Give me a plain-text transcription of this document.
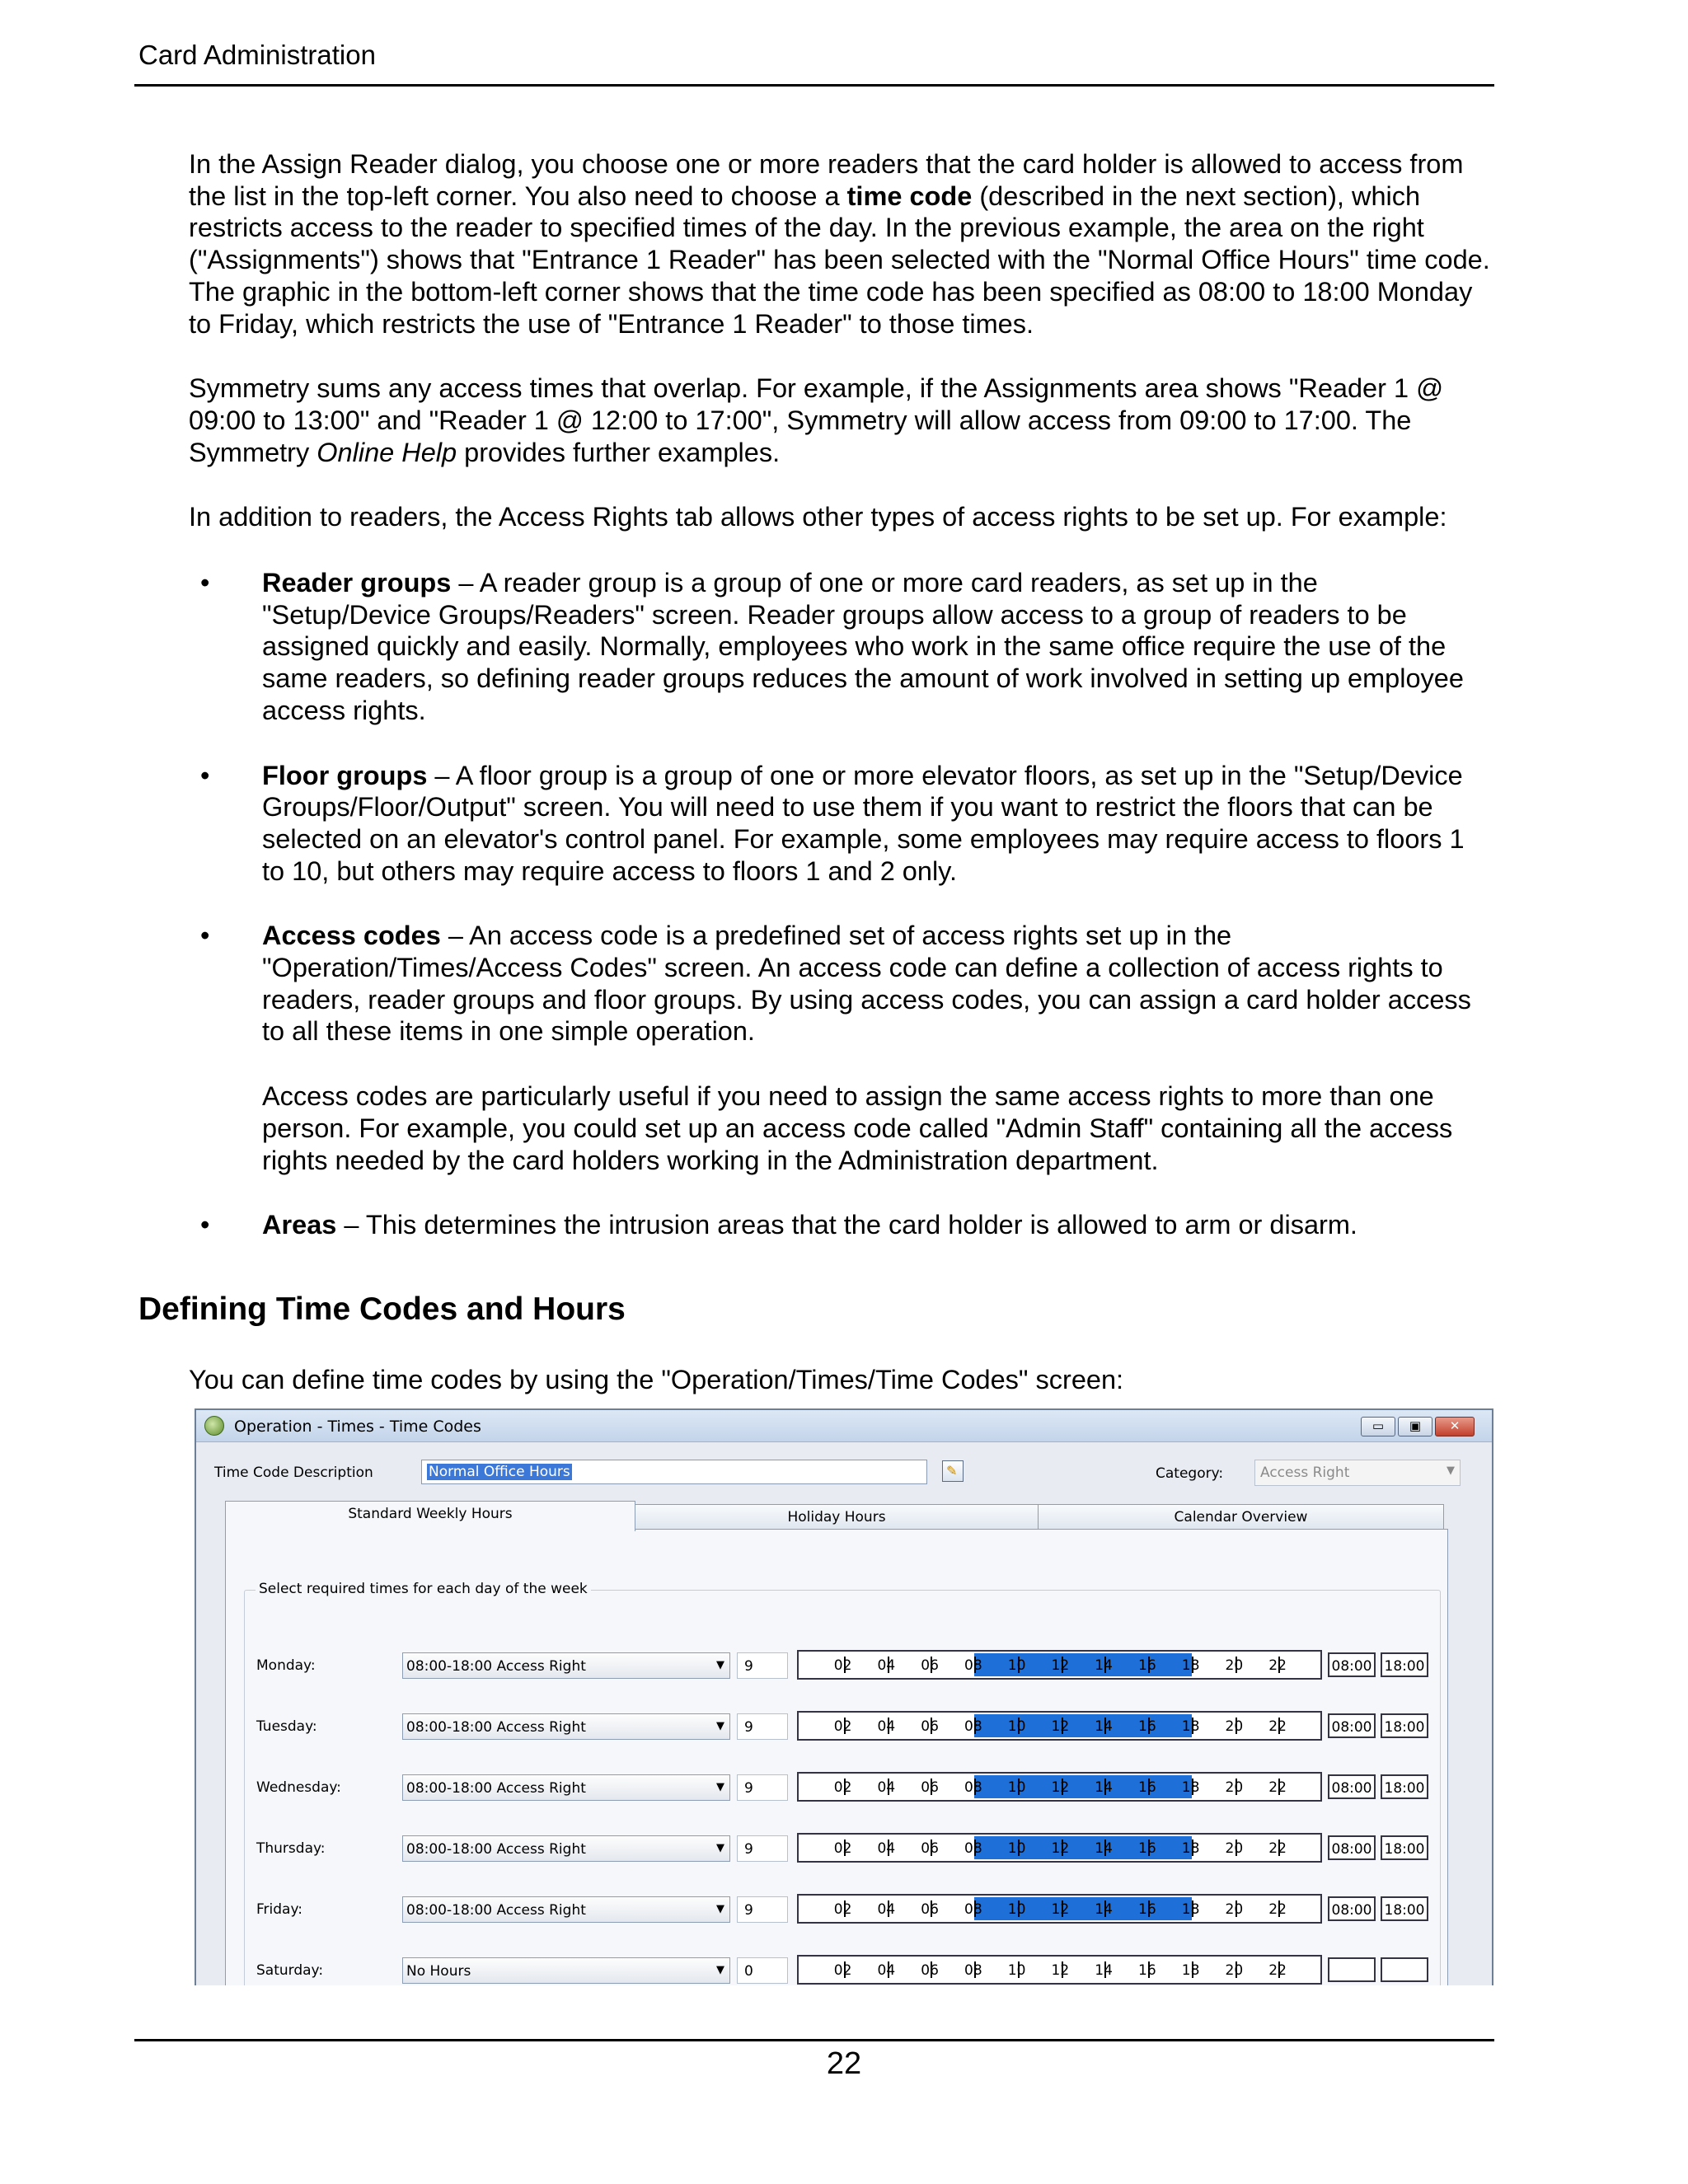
Card Administration

In the Assign Reader dialog, you choose one or more readers that the card holder is allowed to access from the list in the top-left corner. You also need to choose a time code (described in the next section), which restricts access to the reader to specified times of the day. In the previous example, the area on the right ("Assignments") shows that "Entrance 1 Reader" has been selected with the "Normal Office Hours" time code. The graphic in the bottom-left corner shows that the time code has been specified as 08:00 to 18:00 Monday to Friday, which restricts the use of "Entrance 1 Reader" to those times.

Symmetry sums any access times that overlap. For example, if the Assignments area shows "Reader 1 @ 09:00 to 13:00" and "Reader 1 @ 12:00 to 17:00", Symmetry will allow access from 09:00 to 17:00. The Symmetry Online Help provides further examples.

In addition to readers, the Access Rights tab allows other types of access rights to be set up. For example:

• Reader groups – A reader group is a group of one or more card readers, as set up in the "Setup/Device Groups/Readers" screen. Reader groups allow access to a group of readers to be assigned quickly and easily. Normally, employees who work in the same office require the use of the same readers, so defining reader groups reduces the amount of work involved in setting up employee access rights.
• Floor groups – A floor group is a group of one or more elevator floors, as set up in the "Setup/Device Groups/Floor/Output" screen. You will need to use them if you want to restrict the floors that can be selected on an elevator's control panel. For example, some employees may require access to floors 1 to 10, but others may require access to floors 1 and 2 only.
• Access codes – An access code is a predefined set of access rights set up in the "Operation/Times/Access Codes" screen. An access code can define a collection of access rights to readers, reader groups and floor groups. By using access codes, you can assign a card holder access to all these items in one simple operation.

Access codes are particularly useful if you need to assign the same access rights to more than one person. For example, you could set up an access code called "Admin Staff" containing all the access rights needed by the card holders working in the Administration department.

• Areas – This determines the intrusion areas that the card holder is allowed to arm or disarm.
Defining Time Codes and Hours
You can define time codes by using the "Operation/Times/Time Codes" screen:
Operation - Times - Time Codes	▭	▣	✕
Time Code Description	Normal Office Hours	✎	Category:	Access Right	▼
Standard Weekly Hours	Holiday Hours	Calendar Overview
Select required times for each day of the week
Monday:	08:00-18:00 Access Right	▼ 9	02 04 06 08 10 12 14 16 18 20 22	08:00 18:00
Tuesday:	08:00-18:00 Access Right	▼ 9	02 04 06 08 10 12 14 16 18 20 22	08:00 18:00
Wednesday:	08:00-18:00 Access Right	▼ 9	02 04 06 08 10 12 14 16 18 20 22	08:00 18:00
Thursday:	08:00-18:00 Access Right	▼ 9	02 04 06 08 10 12 14 16 18 20 22	08:00 18:00
Friday:	08:00-18:00 Access Right	▼ 9	02 04 06 08 10 12 14 16 18 20 22	08:00 18:00
Saturday:	No Hours	▼ 0	02 04 06 08 10 12 14 16 18 20 22
22
